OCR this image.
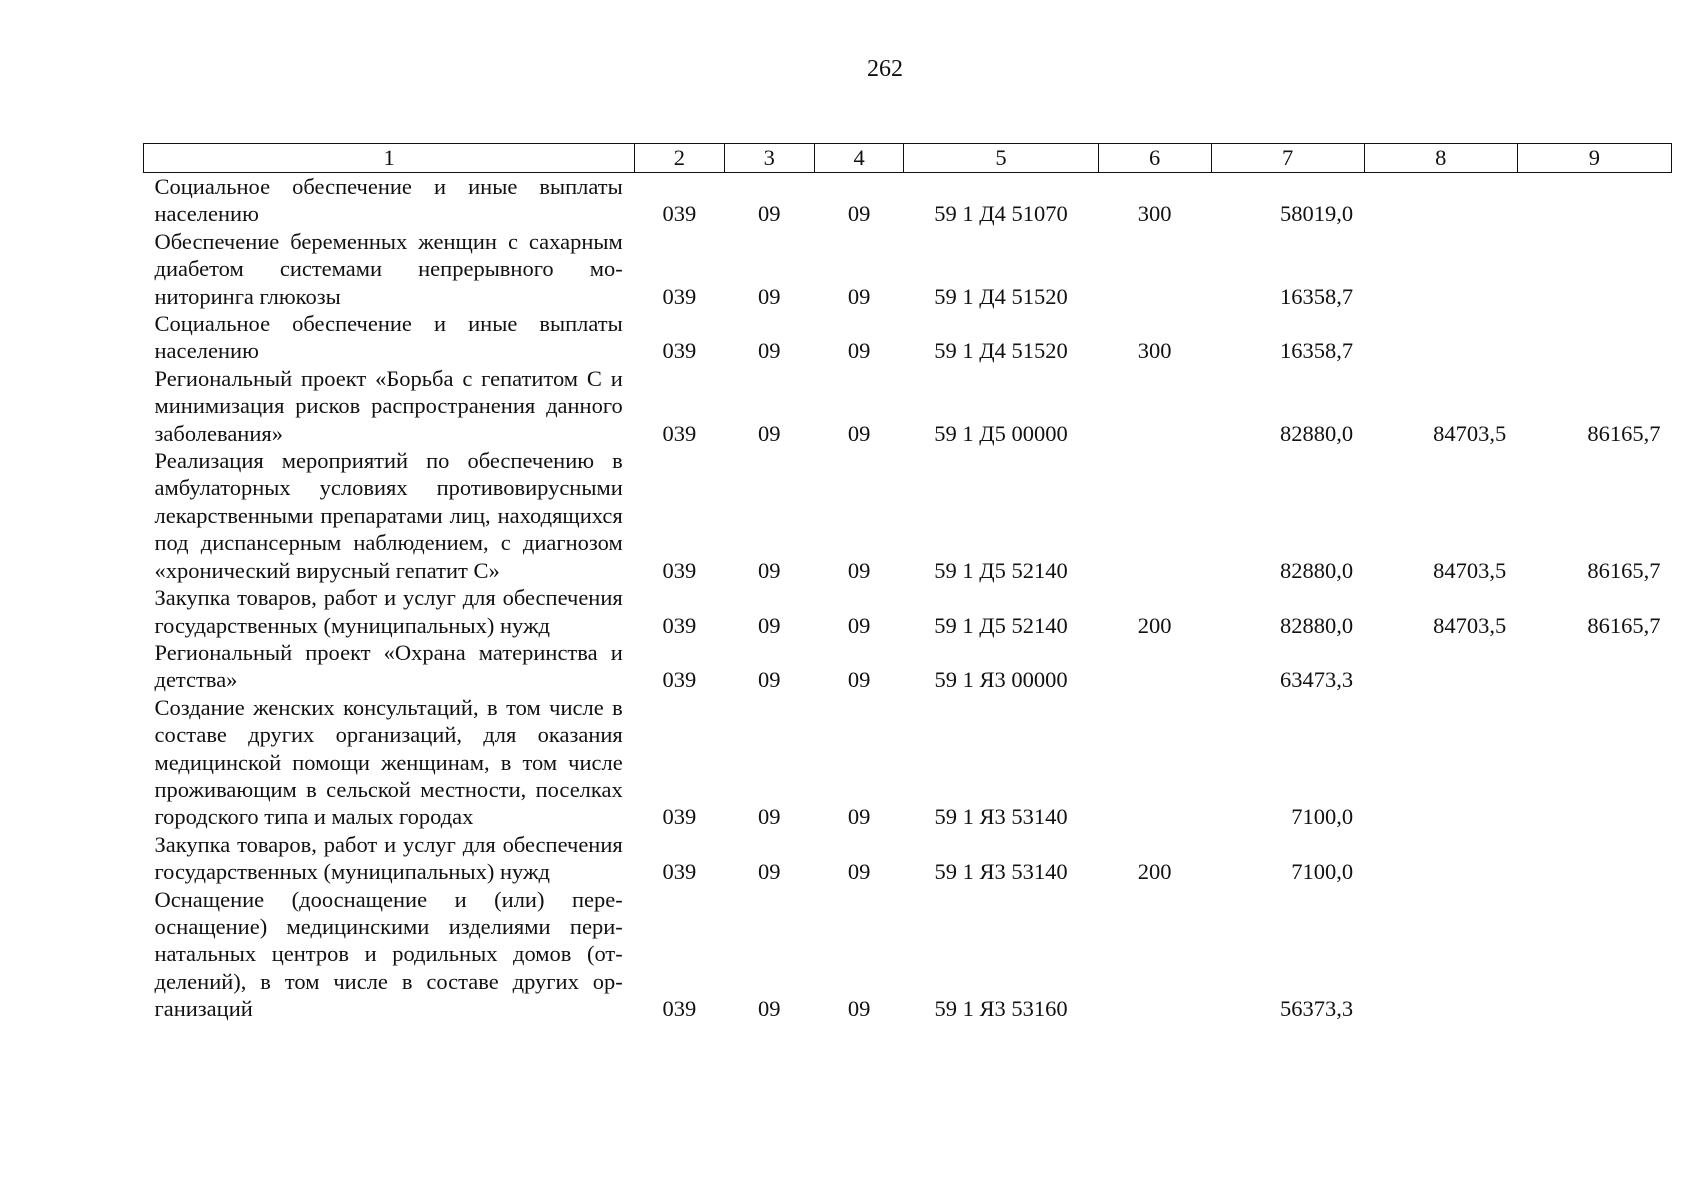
262
1	2	3	4	5	6	7	8	9
Социальное обеспечение и иные выплаты населению	039	09	09	59 1 Д4 51070	300	58019,0		
Обеспечение беременных женщин с сахарным диабетом системами непрерывного мониторинга глюкозы	039	09	09	59 1 Д4 51520		16358,7		
Социальное обеспечение и иные выплаты населению	039	09	09	59 1 Д4 51520	300	16358,7		
Региональный проект «Борьба с гепатитом С и минимизация рисков распространения данного заболевания»	039	09	09	59 1 Д5 00000		82880,0	84703,5	86165,7
Реализация мероприятий по обеспечению в амбулаторных условиях противовирусными лекарственными препаратами лиц, находящихся под диспансерным наблюдением, с диагнозом «хронический вирусный гепатит С»	039	09	09	59 1 Д5 52140		82880,0	84703,5	86165,7
Закупка товаров, работ и услуг для обеспечения государственных (муниципальных) нужд	039	09	09	59 1 Д5 52140	200	82880,0	84703,5	86165,7
Региональный проект «Охрана материнства и детства»	039	09	09	59 1 Я3 00000		63473,3		
Создание женских консультаций, в том числе в составе других организаций, для оказания медицинской помощи женщинам, в том числе проживающим в сельской местности, поселках городского типа и малых городах	039	09	09	59 1 Я3 53140		7100,0		
Закупка товаров, работ и услуг для обеспечения государственных (муниципальных) нужд	039	09	09	59 1 Я3 53140	200	7100,0		
Оснащение (дооснащение и (или) переоснащение) медицинскими изделиями перинатальных центров и родильных домов (отделений), в том числе в составе других организаций	039	09	09	59 1 Я3 53160		56373,3		
